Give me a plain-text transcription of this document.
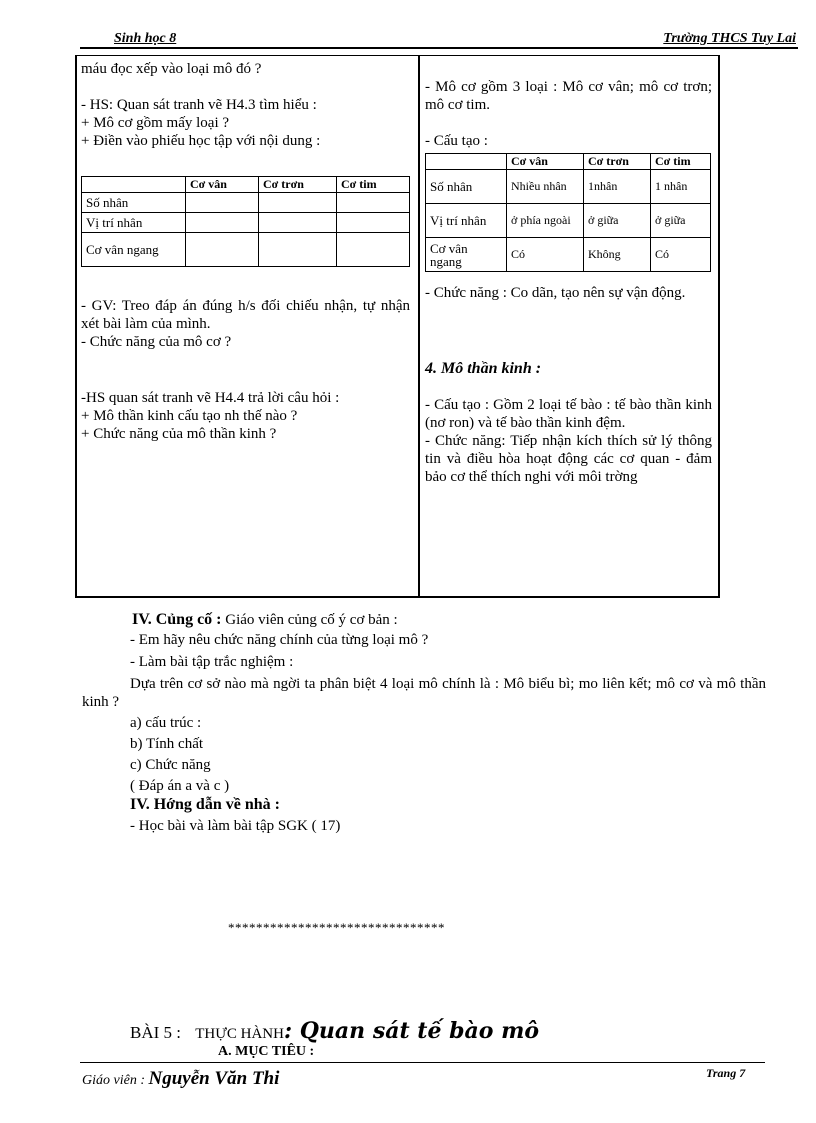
Sinh học 8	Trường THCS Tuy Lai

máu đọc xếp vào loại mô đó ?

- HS: Quan sát tranh vẽ H4.3 tìm hiểu :

+ Mô cơ gồm mấy loại ?

+ Điền vào phiếu học tập với nội dung :

	Cơ vân	Cơ trơn	Cơ tim
Số nhân			
Vị trí nhân			
Cơ vân ngang			

- GV: Treo đáp án đúng h/s đối chiếu nhận, tự nhận xét bài làm của mình.

- Chức năng của mô cơ ?

-HS quan sát tranh vẽ H4.4 trả lời câu hỏi :

+ Mô thần kinh cấu tạo nh thế nào ?

+ Chức năng của mô thần kinh ?

- Mô cơ gồm 3 loại : Mô cơ vân; mô cơ trơn; mô cơ tim.

- Cấu tạo :

	Cơ vân	Cơ trơn	Cơ tim
Số nhân	Nhiều nhân	1nhân	1 nhân
Vị trí nhân	ở phía ngoài	ở giữa	ở giữa
Cơ vân ngang	Có	Không	Có

- Chức năng : Co dãn, tạo nên sự vận động.

4. Mô thần kinh :

- Cấu tạo : Gồm 2 loại tế bào : tế bào thần kinh (nơ ron) và tế bào thần kinh đệm.

- Chức năng: Tiếp nhận kích thích sử lý thông tin và điều hòa hoạt động các cơ quan - đảm bảo cơ thể thích nghi với môi trờng

IV. Củng cố : Giáo viên củng cố ý cơ bản :
- Em hãy nêu chức năng chính của từng loại mô ?
- Làm bài tập trắc nghiệm :
Dựa trên cơ sở nào mà ngời ta phân biệt 4 loại mô chính là : Mô biểu bì; mo liên kết; mô cơ và mô thần kinh ?
a) cấu trúc :
b) Tính chất
c) Chức năng
( Đáp án a và c )
IV. Hớng dẫn về nhà :
- Học bài và làm bài tập SGK ( 17)
*******************************
BÀI 5 : THỰC HÀNH: Quan sát tế bào mô
A. MỤC TIÊU :
Giáo viên : Nguyễn Văn Thi	Trang 7
